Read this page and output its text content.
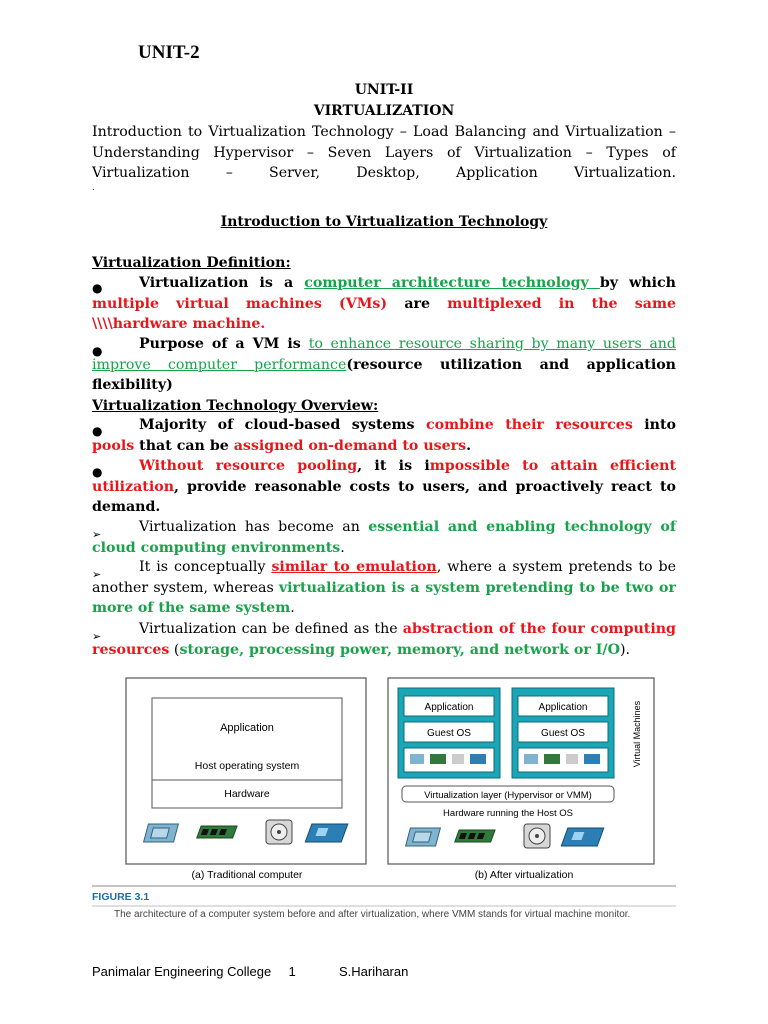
UNIT-2
UNIT-II
VIRTUALIZATION
Introduction to Virtualization Technology – Load Balancing and Virtualization – Understanding Hypervisor – Seven Layers of Virtualization – Types of Virtualization – Server, Desktop, Application Virtualization.
.
Introduction to Virtualization Technology
Virtualization Definition:
●	Virtualization is a computer architecture technology by which multiple virtual machines (VMs) are multiplexed in the same \\\\hardware machine.
●	Purpose of a VM is to enhance resource sharing by many users and improve computer performance(resource utilization and application flexibility)
Virtualization Technology Overview:
●	Majority of cloud-based systems combine their resources into pools that can be assigned on-demand to users.
●	Without resource pooling, it is impossible to attain efficient utilization, provide reasonable costs to users, and proactively react to demand.
➢	Virtualization has become an essential and enabling technology of cloud computing environments.
➢	It is conceptually similar to emulation, where a system pretends to be another system, whereas virtualization is a system pretending to be two or more of the same system.
➢	Virtualization can be defined as the abstraction of the four computing resources (storage, processing power, memory, and network or I/O).
Application
Host operating system
Hardware
(a) Traditional computer
Application
Guest OS
Application
Guest OS	Virtual Machines
Virtualization layer (Hypervisor or VMM)
Hardware running the Host OS
(b) After virtualization
FIGURE 3.1
The architecture of a computer system before and after virtualization, where VMM stands for virtual machine monitor.
Panimalar Engineering College 1	S.Hariharan
